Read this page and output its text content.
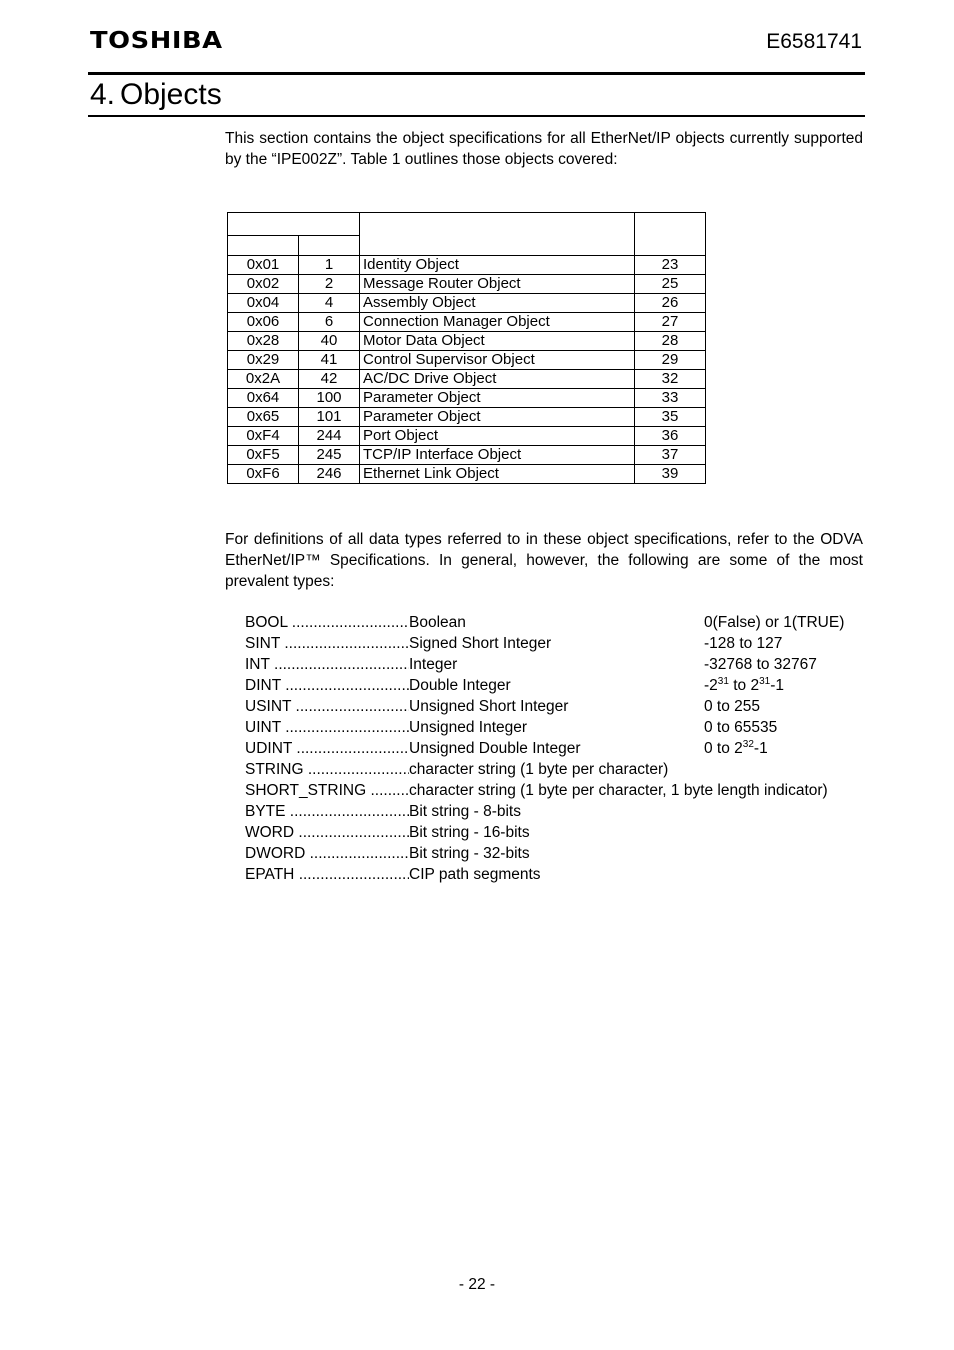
TOSHIBA	E6581741
4. Objects
This section contains the object specifications for all EtherNet/IP objects currently supported by the “IPE002Z”. Table 1 outlines those objects covered:

0x01	1	Identity Object	23
0x02	2	Message Router Object	25
0x04	4	Assembly Object	26
0x06	6	Connection Manager Object	27
0x28	40	Motor Data Object	28
0x29	41	Control Supervisor Object	29
0x2A	42	AC/DC Drive Object	32
0x64	100	Parameter Object	33
0x65	101	Parameter Object	35
0xF4	244	Port Object	36
0xF5	245	TCP/IP Interface Object	37
0xF6	246	Ethernet Link Object	39
For definitions of all data types referred to in these object specifications, refer to the ODVA EtherNet/IP™ Specifications. In general, however, the following are some of the most prevalent types:
BOOL .....	Boolean	0(False) or 1(TRUE)
SINT .....	Signed Short Integer	-128 to 127
INT .....	Integer	-32768 to 32767
DINT .....	Double Integer	$-2^{31}$ to $2^{31}-1$
USINT .....	Unsigned Short Integer	0 to 255
UINT .....	Unsigned Integer	0 to 65535
UDINT .....	Unsigned Double Integer	0 to $2^{32}-1$
STRING .....	character string (1 byte per character)
SHORT_STRING .....	character string (1 byte per character, 1 byte length indicator)
BYTE .....	Bit string - 8-bits
WORD .....	Bit string - 16-bits
DWORD .....	Bit string - 32-bits
EPATH .....	CIP path segments
- 22 -
